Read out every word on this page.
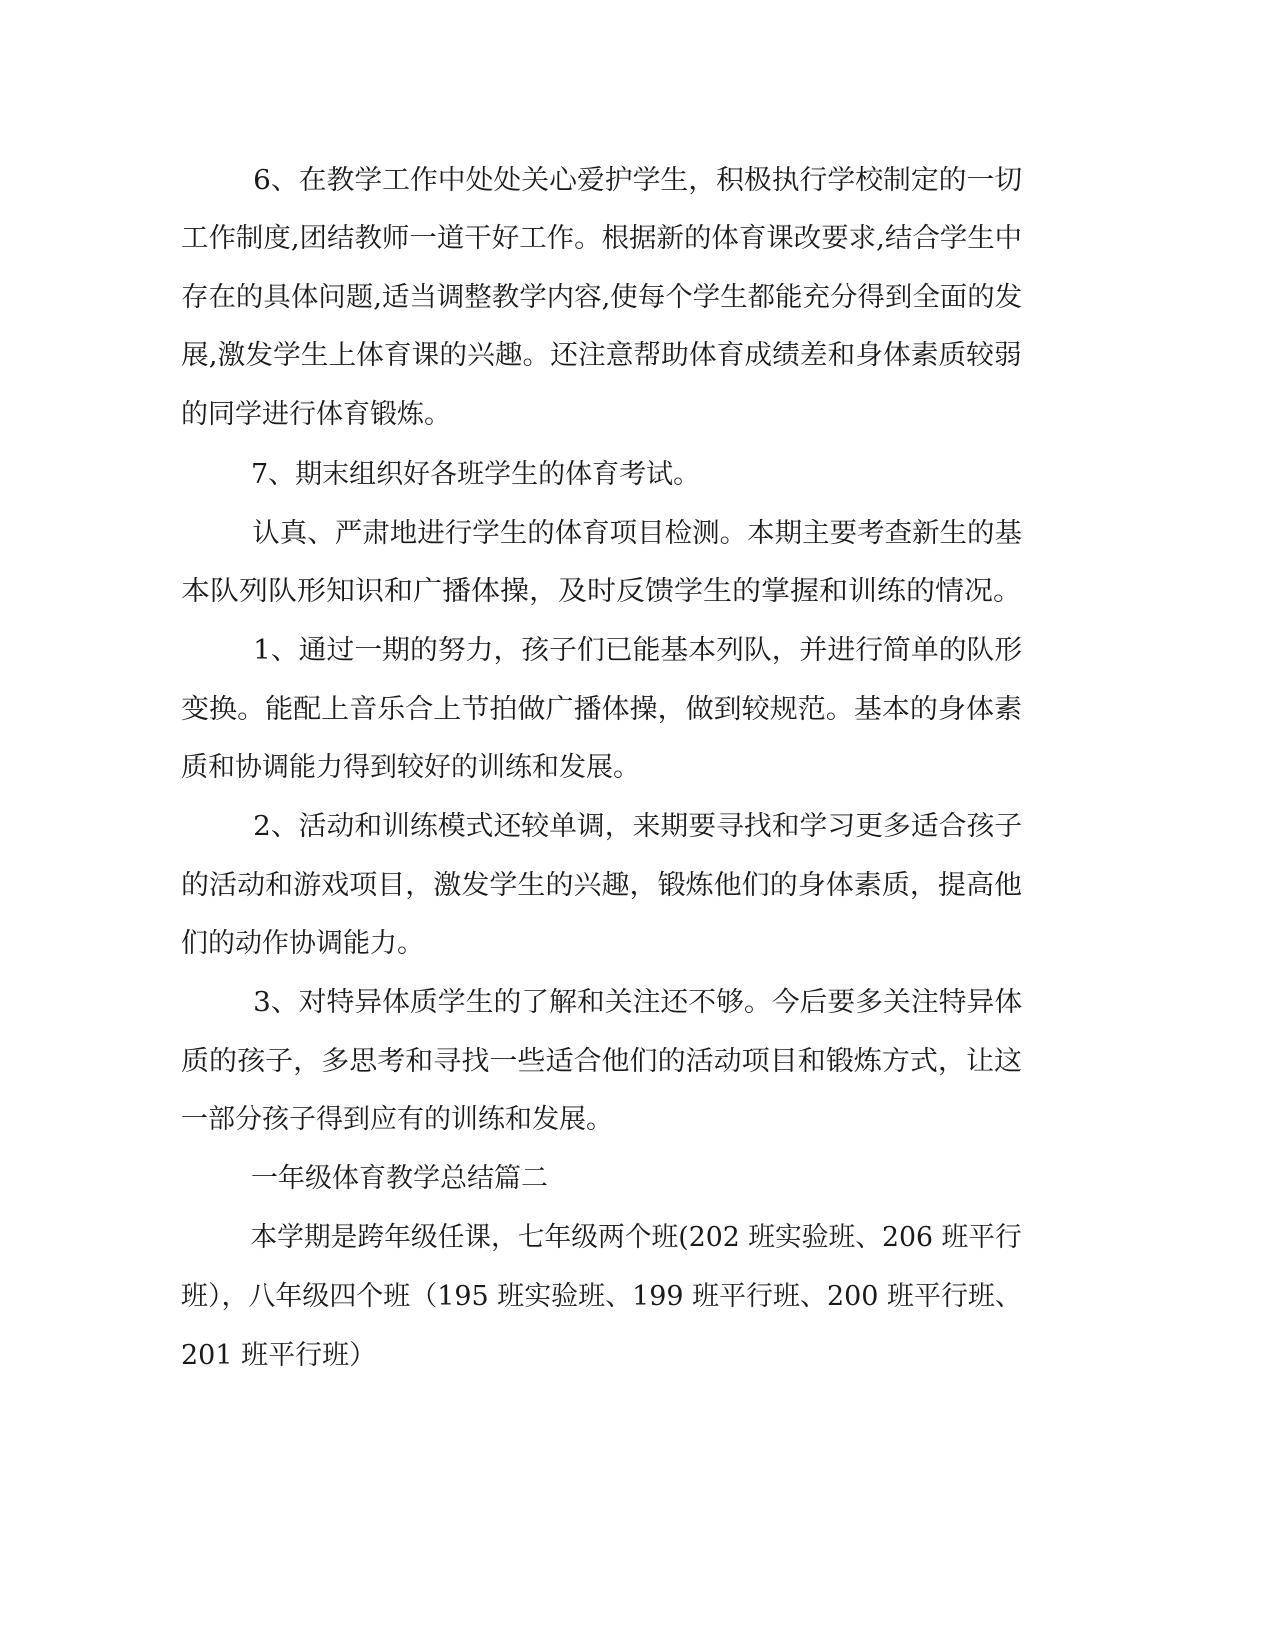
6、在教学工作中处处关心爱护学生，积极执行学校制定的一切
工作制度,团结教师一道干好工作。根据新的体育课改要求,结合学生中
存在的具体问题,适当调整教学内容,使每个学生都能充分得到全面的发
展,激发学生上体育课的兴趣。还注意帮助体育成绩差和身体素质较弱
的同学进行体育锻炼。
7、期末组织好各班学生的体育考试。
认真、严肃地进行学生的体育项目检测。本期主要考查新生的基
本队列队形知识和广播体操，及时反馈学生的掌握和训练的情况。
1、通过一期的努力，孩子们已能基本列队，并进行简单的队形
变换。能配上音乐合上节拍做广播体操，做到较规范。基本的身体素
质和协调能力得到较好的训练和发展。
2、活动和训练模式还较单调，来期要寻找和学习更多适合孩子
的活动和游戏项目，激发学生的兴趣，锻炼他们的身体素质，提高他
们的动作协调能力。
3、对特异体质学生的了解和关注还不够。今后要多关注特异体
质的孩子，多思考和寻找一些适合他们的活动项目和锻炼方式，让这
一部分孩子得到应有的训练和发展。
一年级体育教学总结篇二
本学期是跨年级任课，七年级两个班(202 班实验班、206 班平行
班），八年级四个班（195 班实验班、199 班平行班、200 班平行班、
201 班平行班）
